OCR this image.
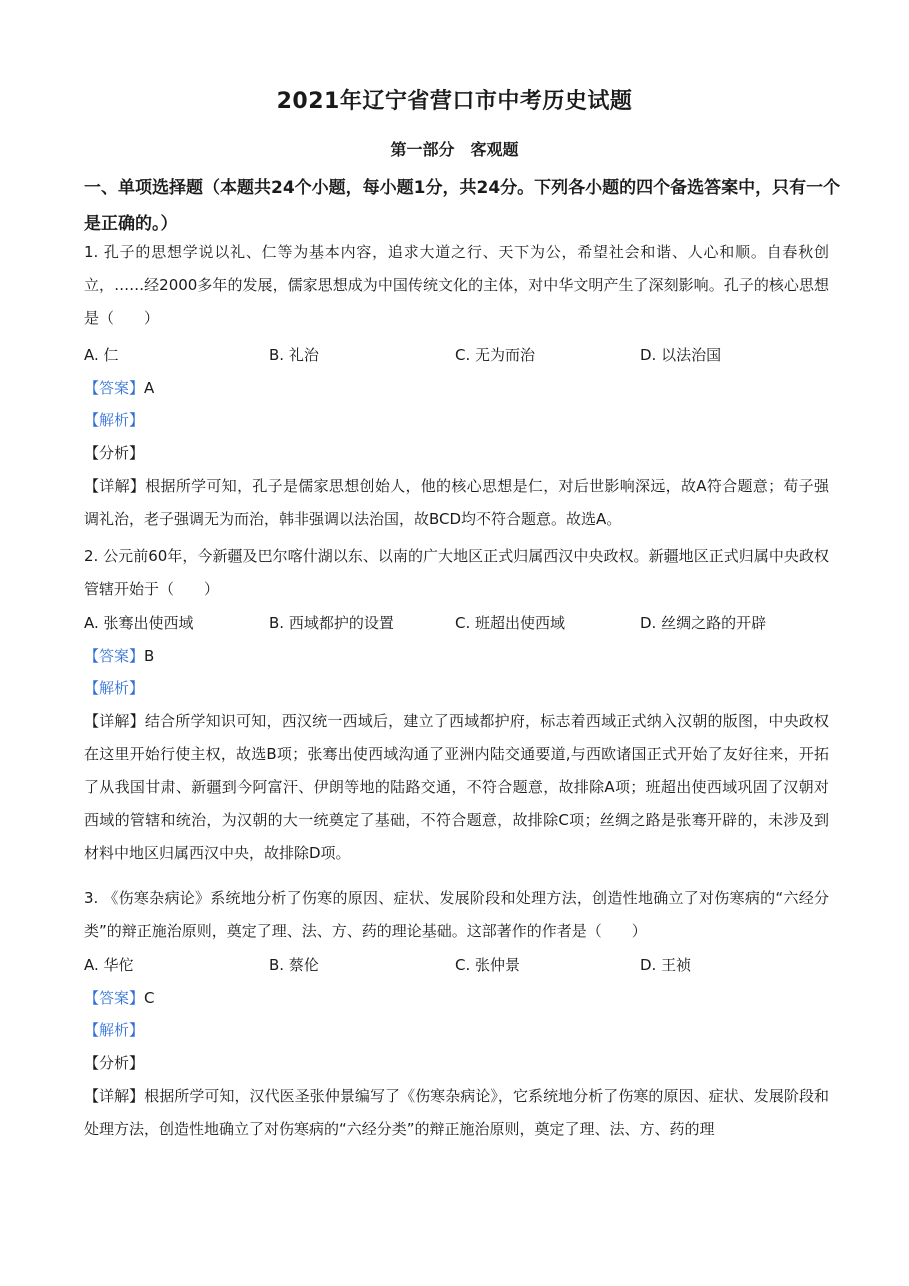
2021年辽宁省营口市中考历史试题
第一部分　客观题
一、单项选择题（本题共24个小题，每小题1分，共24分。下列各小题的四个备选答案中，只有一个是正确的。）
1. 孔子的思想学说以礼、仁等为基本内容，追求大道之行、天下为公，希望社会和谐、人心和顺。自春秋创立，……经2000多年的发展，儒家思想成为中国传统文化的主体，对中华文明产生了深刻影响。孔子的核心思想是（　　）
A. 仁	B. 礼治	C. 无为而治	D. 以法治国
【答案】A
【解析】
【分析】
【详解】根据所学可知，孔子是儒家思想创始人，他的核心思想是仁，对后世影响深远，故A符合题意；荀子强调礼治，老子强调无为而治，韩非强调以法治国，故BCD均不符合题意。故选A。
2. 公元前60年，今新疆及巴尔喀什湖以东、以南的广大地区正式归属西汉中央政权。新疆地区正式归属中央政权管辖开始于（　　）
A. 张骞出使西域	B. 西域都护的设置	C. 班超出使西域	D. 丝绸之路的开辟
【答案】B
【解析】
【详解】结合所学知识可知，西汉统一西域后，建立了西域都护府，标志着西域正式纳入汉朝的版图，中央政权在这里开始行使主权，故选B项；张骞出使西域沟通了亚洲内陆交通要道,与西欧诸国正式开始了友好往来，开拓了从我国甘肃、新疆到今阿富汗、伊朗等地的陆路交通，不符合题意，故排除A项；班超出使西域巩固了汉朝对西域的管辖和统治，为汉朝的大一统奠定了基础，不符合题意，故排除C项；丝绸之路是张骞开辟的，未涉及到材料中地区归属西汉中央，故排除D项。
3. 《伤寒杂病论》系统地分析了伤寒的原因、症状、发展阶段和处理方法，创造性地确立了对伤寒病的“六经分类”的辩正施治原则，奠定了理、法、方、药的理论基础。这部著作的作者是（　　）
A. 华佗	B. 蔡伦	C. 张仲景	D. 王祯
【答案】C
【解析】
【分析】
【详解】根据所学可知，汉代医圣张仲景编写了《伤寒杂病论》，它系统地分析了伤寒的原因、症状、发展阶段和处理方法，创造性地确立了对伤寒病的“六经分类”的辩正施治原则，奠定了理、法、方、药的理
